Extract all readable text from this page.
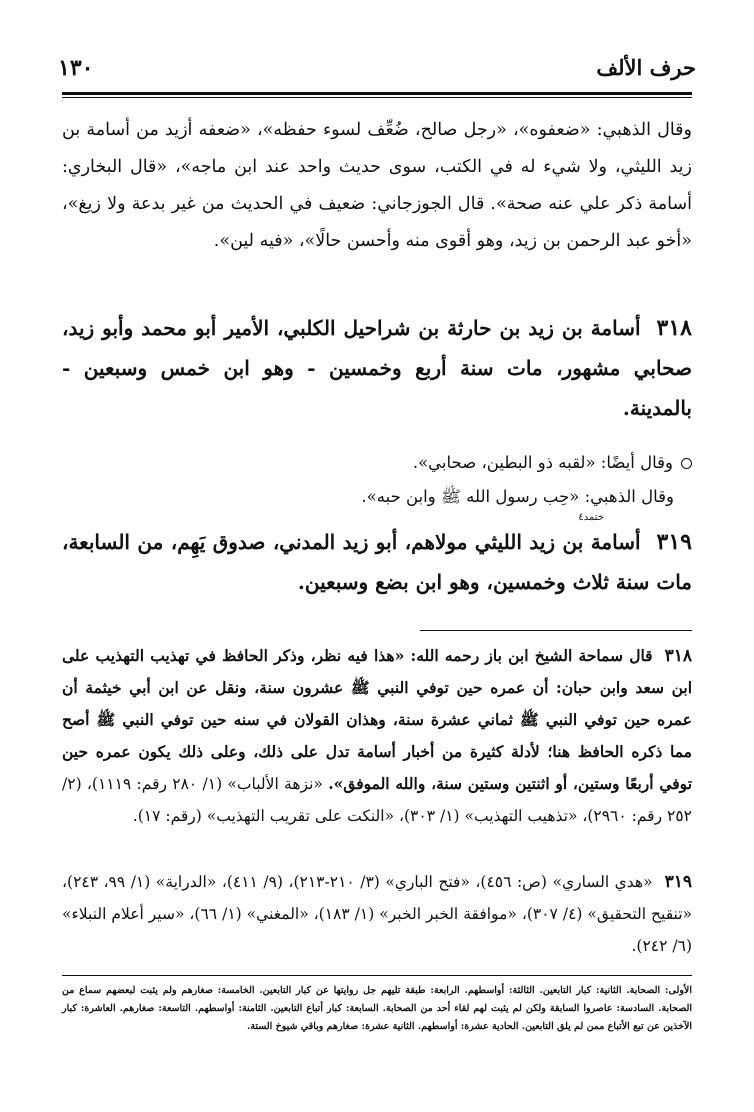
حرف الألف
١٣٠
وقال الذهبي: «ضعفوه»، «رجل صالح، ضُعِّف لسوء حفظه»، «ضعفه أزيد من أسامة بن زيد الليثي، ولا شيء له في الكتب، سوى حديث واحد عند ابن ماجه»، «قال البخاري: أسامة ذكر علي عنه صحة». قال الجوزجاني: ضعيف في الحديث من غير بدعة ولا زيغ»، «أخو عبد الرحمن بن زيد، وهو أقوى منه وأحسن حالًا»، «فيه لين».
٣١٨أسامة بن زيد بن حارثة بن شراحيل الكلبي، الأمير أبو محمد وأبو زيد، صحابي مشهور، مات سنة أربع وخمسين - وهو ابن خمس وسبعين - بالمدينة.
وقال أيضًا: «لقبه ذو البطين، صحابي».
وقال الذهبي: «حِب رسول الله ﷺ وابن حبه».
ختمد٤
٣١٩أسامة بن زيد الليثي مولاهم، أبو زيد المدني، صدوق يَهِم، من السابعة، مات سنة ثلاث وخمسين، وهو ابن بضع وسبعين.
٣١٨قال سماحة الشيخ ابن باز رحمه الله: «هذا فيه نظر، وذكر الحافظ في تهذيب التهذيب على ابن سعد وابن حبان: أن عمره حين توفي النبي ﷺ عشرون سنة، ونقل عن ابن أبي خيثمة أن عمره حين توفي النبي ﷺ ثماني عشرة سنة، وهذان القولان في سنه حين توفي النبي ﷺ أصح مما ذكره الحافظ هنا؛ لأدلة كثيرة من أخبار أسامة تدل على ذلك، وعلى ذلك يكون عمره حين توفي أربعًا وستين، أو اثنتين وستين سنة، والله الموفق». «نزهة الألباب» (١/ ٢٨٠ رقم: ١١١٩)، (٢/ ٢٥٢ رقم: ٢٩٦٠)، «تذهيب التهذيب» (١/ ٣٠٣)، «النكت على تقريب التهذيب» (رقم: ١٧).
٣١٩«هدي الساري» (ص: ٤٥٦)، «فتح الباري» (٣/ ٢١٠-٢١٣)، (٩/ ٤١١)، «الدراية» (١/ ٩٩، ٢٤٣)، «تنقيح التحقيق» (٤/ ٣٠٧)، «موافقة الخبر الخبر» (١/ ١٨٣)، «المغني» (١/ ٦٦)، «سير أعلام النبلاء» (٦/ ٢٤٢).
الأولى: الصحابة. الثانية: كبار التابعين. الثالثة: أواسطهم. الرابعة: طبقة تليهم جل روايتها عن كبار التابعين. الخامسة: صغارهم ولم يثبت لبعضهم سماع من الصحابة. السادسة: عاصروا السابقة ولكن لم يثبت لهم لقاء أحد من الصحابة. السابعة: كبار أتباع التابعين. الثامنة: أواسطهم. التاسعة: صغارهم. العاشرة: كبار الآخذين عن تبع الأتباع ممن لم يلق التابعين. الحادية عشرة: أواسطهم. الثانية عشرة: صغارهم وباقي شيوخ الستة.
